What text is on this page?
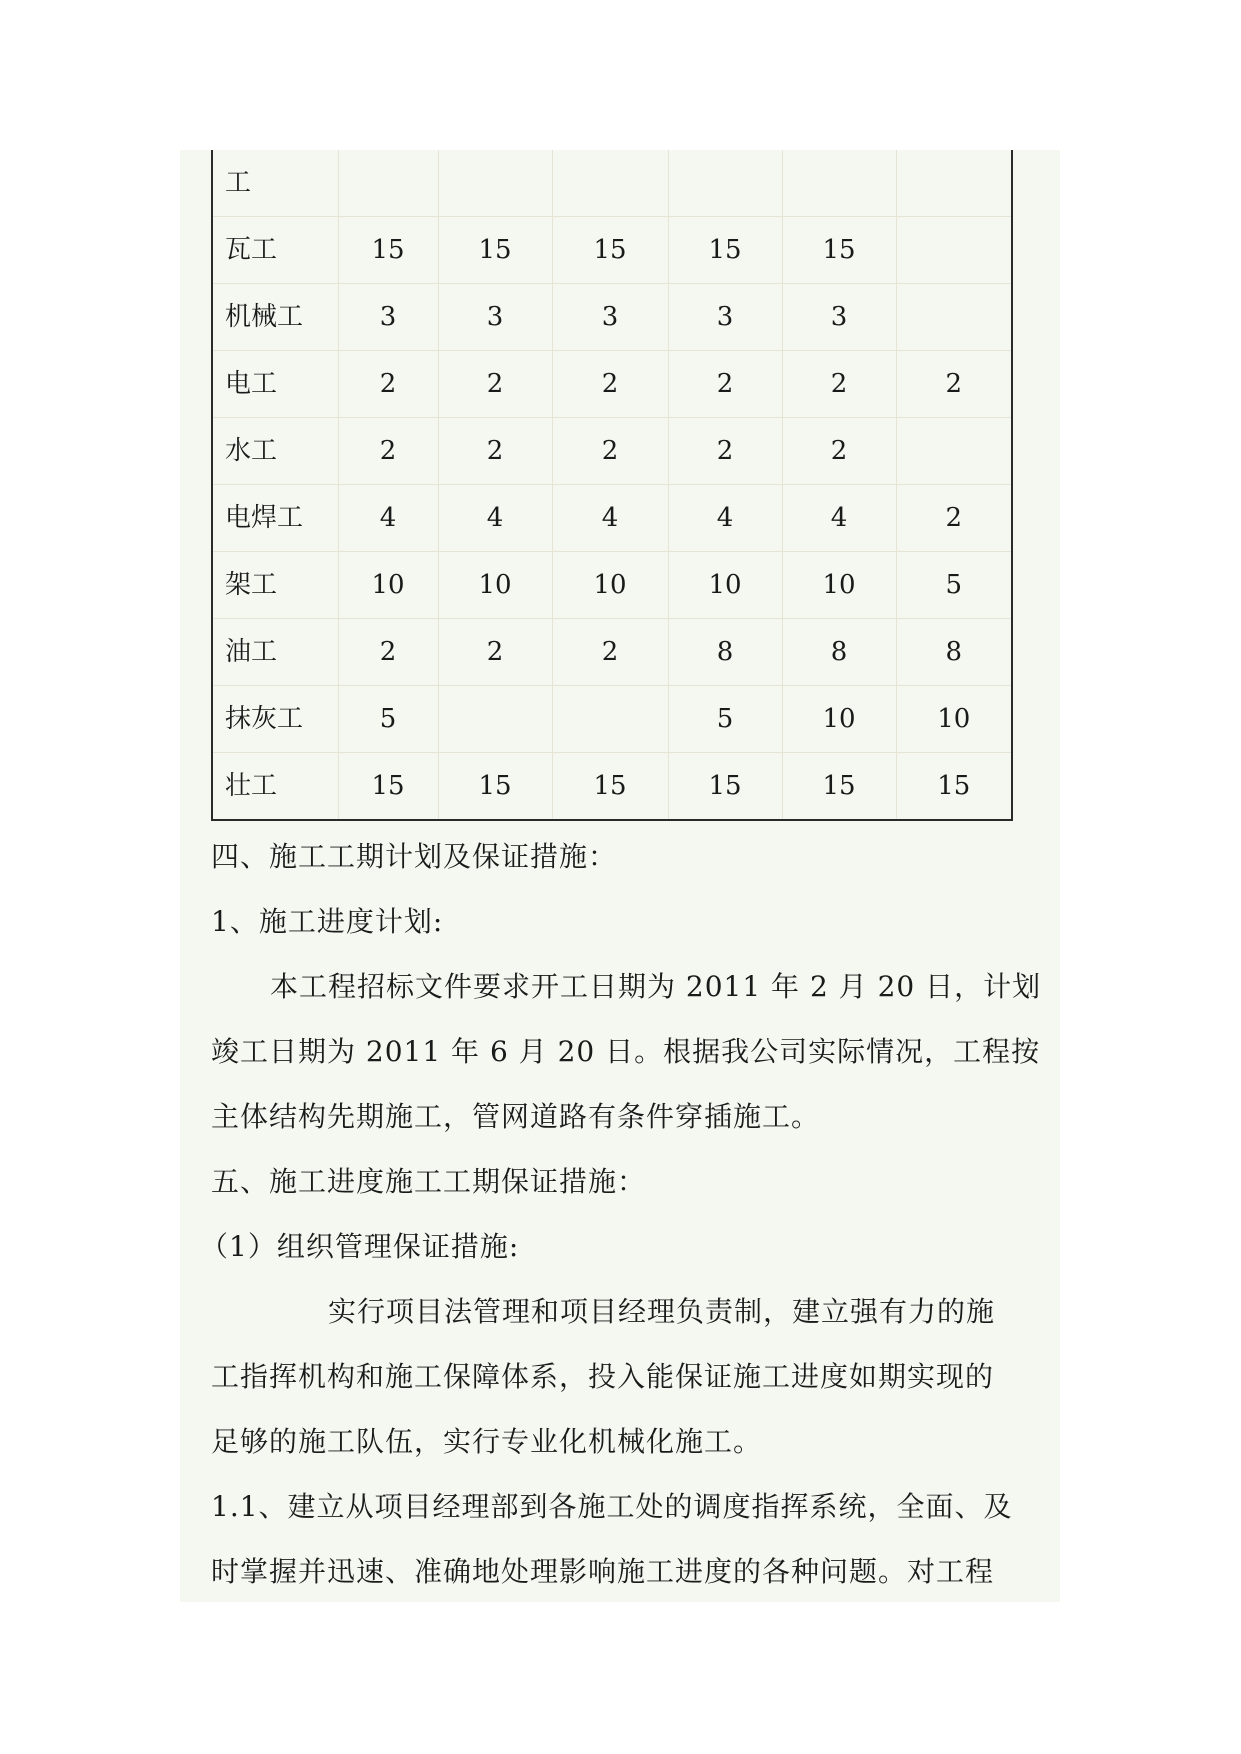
工						
瓦工	15	15	15	15	15	
机械工	3	3	3	3	3	
电工	2	2	2	2	2	2
水工	2	2	2	2	2	
电焊工	4	4	4	4	4	2
架工	10	10	10	10	10	5
油工	2	2	2	8	8	8
抹灰工	5			5	10	10
壮工	15	15	15	15	15	15
四、施工工期计划及保证措施：
1、施工进度计划:
本工程招标文件要求开工日期为 2011 年 2 月 20 日，计划
竣工日期为 2011 年 6 月 20 日。根据我公司实际情况，工程按
主体结构先期施工，管网道路有条件穿插施工。
五、施工进度施工工期保证措施：
（1）组织管理保证措施:
实行项目法管理和项目经理负责制，建立强有力的施
工指挥机构和施工保障体系，投入能保证施工进度如期实现的
足够的施工队伍，实行专业化机械化施工。
1.1、建立从项目经理部到各施工处的调度指挥系统，全面、及
时掌握并迅速、准确地处理影响施工进度的各种问题。对工程
